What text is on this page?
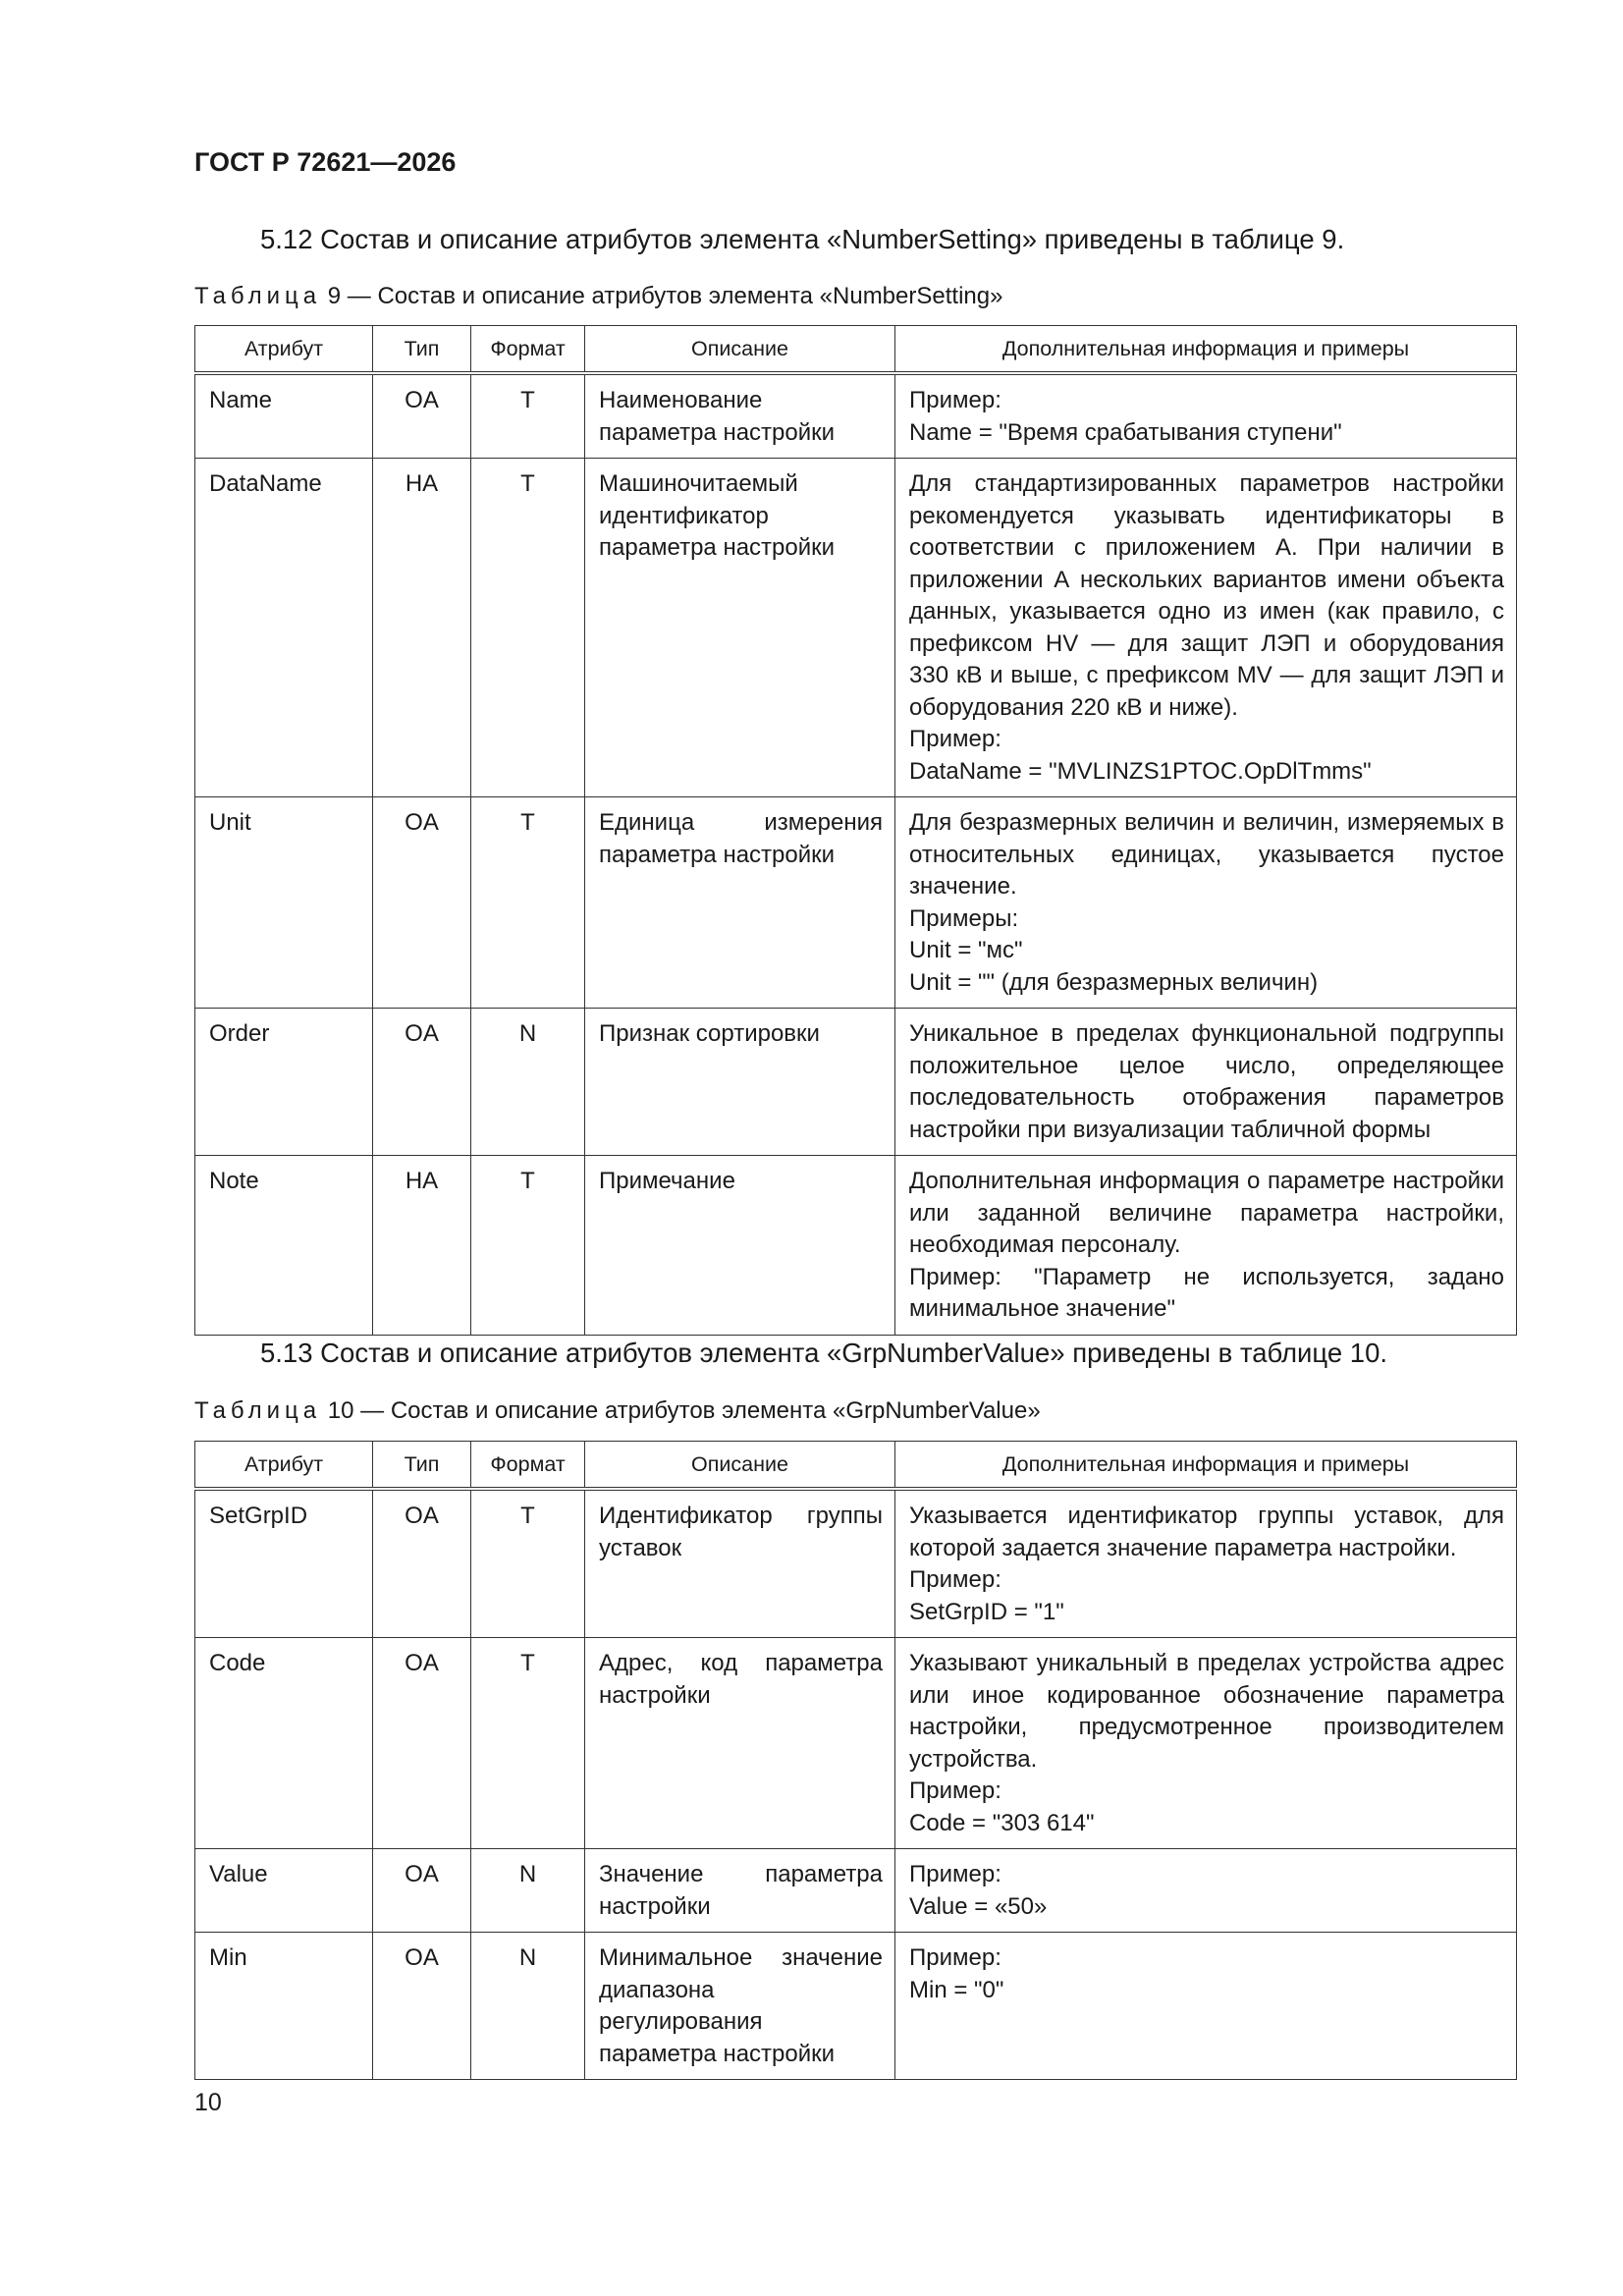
ГОСТ Р 72621—2026
5.12 Состав и описание атрибутов элемента «NumberSetting» приведены в таблице 9.
Таблица 9 — Состав и описание атрибутов элемента «NumberSetting»
Атрибут	Тип	Формат	Описание	Дополнительная информация и примеры
Name	OA	T	Наименование параметра настройки	Пример:
Name = "Время срабатывания ступени"

DataName	HA	T	Машиночитаемый идентификатор параметра настройки	Для стандартизированных параметров настройки рекомендуется указывать идентификаторы в соответствии с приложением А. При наличии в приложении А нескольких вариантов имени объекта данных, указывается одно из имен (как правило, с префиксом HV — для защит ЛЭП и оборудования 330 кВ и выше, с префиксом MV — для защит ЛЭП и оборудования 220 кВ и ниже).
Пример:
DataName = "MVLINZS1PTOC.OpDlTmms"

Unit	OA	T	Единица измерения параметра настройки	Для безразмерных величин и величин, измеряемых в относительных единицах, указывается пустое значение.
Примеры:
Unit = "мс"
Unit = "" (для безразмерных величин)

Order	OA	N	Признак сортировки	Уникальное в пределах функциональной подгруппы положительное целое число, определяющее последовательность отображения параметров настройки при визуализации табличной формы

Note	HA	T	Примечание	Дополнительная информация о параметре настройки или заданной величине параметра настройки, необходимая персоналу.
Пример: "Параметр не используется, задано минимальное значение"
5.13 Состав и описание атрибутов элемента «GrpNumberValue» приведены в таблице 10.
Таблица 10 — Состав и описание атрибутов элемента «GrpNumberValue»
Атрибут	Тип	Формат	Описание	Дополнительная информация и примеры
SetGrpID	OA	T	Идентификатор группы уставок	Указывается идентификатор группы уставок, для которой задается значение параметра настройки.
Пример:
SetGrpID = "1"

Code	OA	T	Адрес, код параметра настройки	Указывают уникальный в пределах устройства адрес или иное кодированное обозначение параметра настройки, предусмотренное производителем устройства.
Пример:
Code = "303 614"

Value	OA	N	Значение параметра настройки	Пример:
Value = «50»

Min	OA	N	Минимальное значение диапазона регулирования параметра настройки	Пример:
Min = "0"
10
